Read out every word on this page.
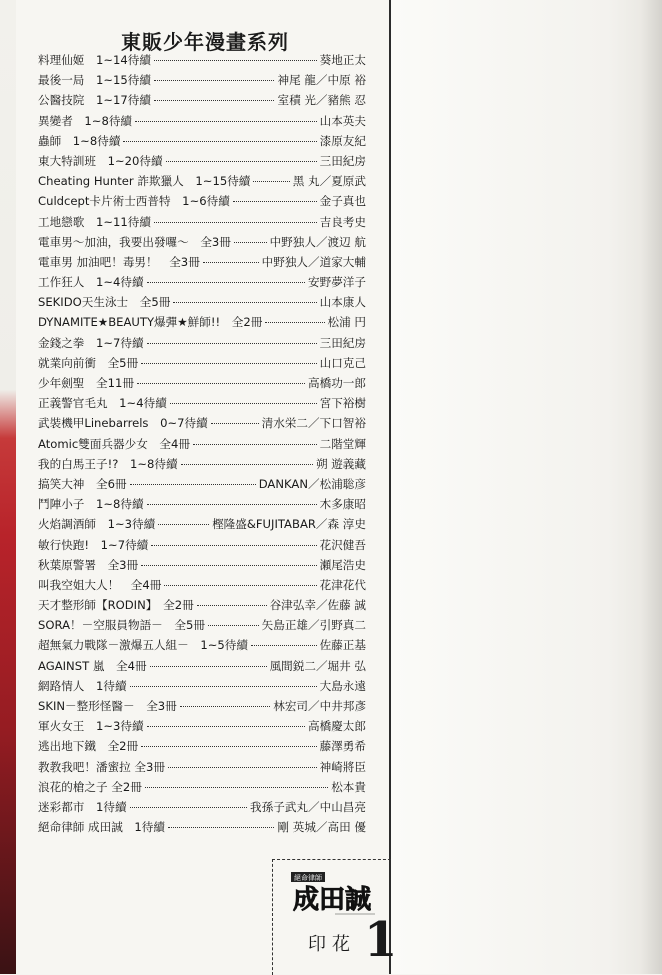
東販少年漫畫系列
料理仙姬　1~14待續	葵地正太
最後一局　1~15待續	神尾 龍／中原 裕
公醫技院　1~17待續	室積 光／豬熊 忍
異變者　1~8待續	山本英夫
蟲師　1~8待續	漆原友紀
東大特訓班　1~20待續	三田紀房
Cheating Hunter 詐欺獵人　1~15待續	黑 丸／夏原武
Culdcept卡片術士西普特　1~6待續	金子真也
工地戀歌　1~11待續	吉良考史
電車男～加油，我要出發囉～　全3冊	中野独人／渡辺 航
電車男 加油吧！毒男！　全3冊	中野独人／道家大輔
工作狂人　1~4待續	安野夢洋子
SEKIDO天生泳士　全5冊	山本康人
DYNAMITE★BEAUTY爆彈★鮮師!!　全2冊	松浦 円
金錢之拳　1~7待續	三田紀房
就業向前衝　全5冊	山口克己
少年劍聖　全11冊	高橋功一郎
正義警官毛丸　1~4待續	宮下裕樹
武裝機甲Linebarrels　0~7待續	清水栄二／下口智裕
Atomic雙面兵器少女　全4冊	二階堂輝
我的白馬王子!?　1~8待續	朔 遊義藏
搞笑大神　全6冊	DANKAN／松浦聡彦
鬥陣小子　1~8待續	木多康昭
火焰調酒師　1~3待續	樫隆盛&FUJITABAR／森 淳史
敏行快跑!　1~7待續	花沢健吾
秋葉原警署　全3冊	瀬尾浩史
叫我空姐大人！　全4冊	花津花代
天才整形師【RODIN】　全2冊	谷津弘幸／佐藤 誠
SORA！－空服員物語－　全5冊	矢島正雄／引野真二
超無氣力戰隊－激爆五人組－　1~5待續	佐藤正基
AGAINST 嵐　全4冊	風間鋭二／堀井 弘
網路情人　1待續	大島永遠
SKIN－整形怪醫－　全3冊	林宏司／中井邦彥
軍火女王　1~3待續	高橋慶太郎
逃出地下鐵　全2冊	藤澤勇希
教教我吧！潘蜜拉 全3冊	神崎將臣
浪花的槍之子 全2冊	松本貴
迷彩都市　1待續	我孫子武丸／中山昌亮
絕命律師 成田誠　1待續	剛 英城／高田 優
絕命律師
成田誠
印花 1
